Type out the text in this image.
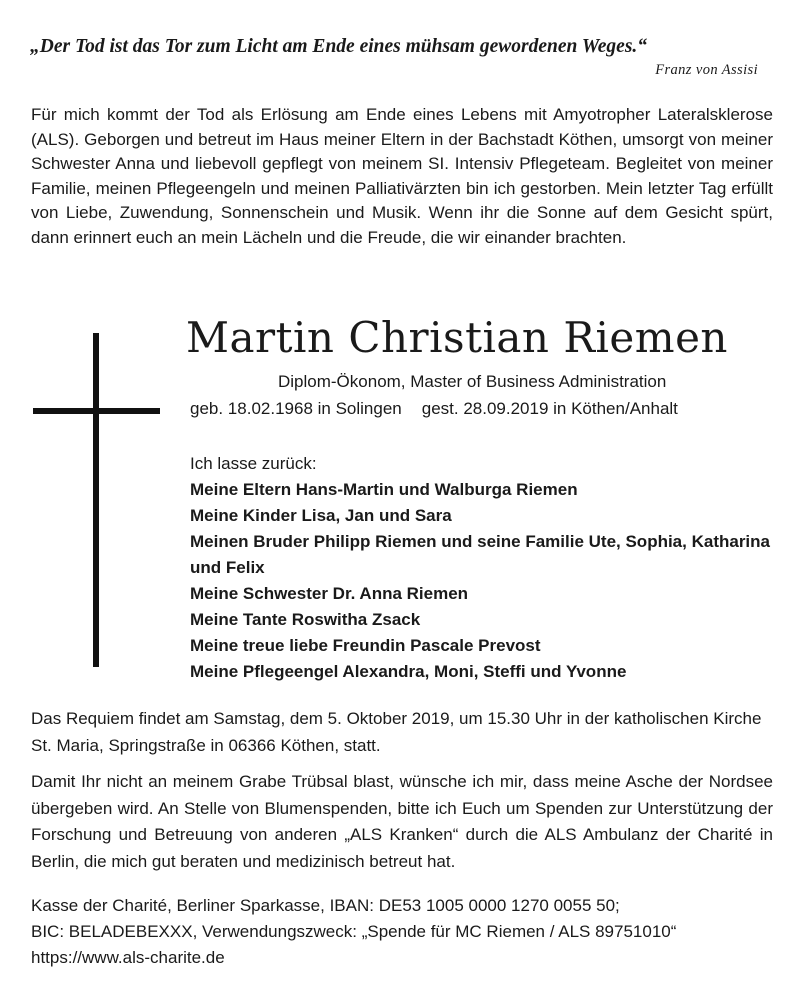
„Der Tod ist das Tor zum Licht am Ende eines mühsam gewordenen Weges.“
Franz von Assisi
Für mich kommt der Tod als Erlösung am Ende eines Lebens mit Amyotropher Lateralsklerose (ALS). Geborgen und betreut im Haus meiner Eltern in der Bachstadt Köthen, umsorgt von meiner Schwester Anna und liebevoll gepflegt von meinem SI. Intensiv Pflegeteam. Begleitet von meiner Familie, meinen Pflegeengeln und meinen Palliativärzten bin ich gestorben. Mein letzter Tag erfüllt von Liebe, Zuwendung, Sonnenschein und Musik. Wenn ihr die Sonne auf dem Gesicht spürt, dann erinnert euch an mein Lächeln und die Freude, die wir einander brachten.
Martin Christian Riemen
Diplom-Ökonom, Master of Business Administration
geb. 18.02.1968 in Solingen gest. 28.09.2019 in Köthen/Anhalt
Ich lasse zurück:
Meine Eltern Hans-Martin und Walburga Riemen
Meine Kinder Lisa, Jan und Sara
Meinen Bruder Philipp Riemen und seine Familie Ute, Sophia, Katharina und Felix
Meine Schwester Dr. Anna Riemen
Meine Tante Roswitha Zsack
Meine treue liebe Freundin Pascale Prevost
Meine Pflegeengel Alexandra, Moni, Steffi und Yvonne
Das Requiem findet am Samstag, dem 5. Oktober 2019, um 15.30 Uhr in der katholischen Kirche St. Maria, Springstraße in 06366 Köthen, statt.
Damit Ihr nicht an meinem Grabe Trübsal blast, wünsche ich mir, dass meine Asche der Nordsee übergeben wird. An Stelle von Blumenspenden, bitte ich Euch um Spenden zur Unterstützung der Forschung und Betreuung von anderen „ALS Kranken“ durch die ALS Ambulanz der Charité in Berlin, die mich gut beraten und medizinisch betreut hat.
Kasse der Charité, Berliner Sparkasse, IBAN: DE53 1005 0000 1270 0055 50;
BIC: BELADEBEXXX, Verwendungszweck: „Spende für MC Riemen / ALS 89751010“
https://www.als-charite.de
